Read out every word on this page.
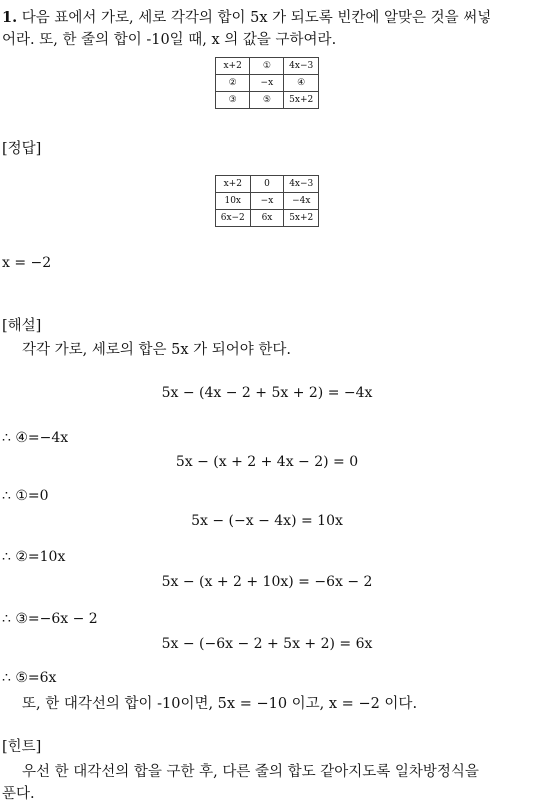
1. 다음 표에서 가로, 세로 각각의 합이 5x 가 되도록 빈칸에 알맞은 것을 써넣
어라. 또, 한 줄의 합이 -10일 때, x 의 값을 구하여라.
x+2	①	4x−3
②	−x	④
③	⑤	5x+2
[정답]
x+2	0	4x−3
10x	−x	−4x
6x−2	6x	5x+2
x = −2
[해설]
각각 가로, 세로의 합은 5x 가 되어야 한다.
5x − (4x − 2 + 5x + 2) = −4x
∴ ④=−4x
5x − (x + 2 + 4x − 2) = 0
∴ ①=0
5x − (−x − 4x) = 10x
∴ ②=10x
5x − (x + 2 + 10x) = −6x − 2
∴ ③=−6x − 2
5x − (−6x − 2 + 5x + 2) = 6x
∴ ⑤=6x
또, 한 대각선의 합이 -10이면, 5x = −10 이고, x = −2 이다.
[힌트]
우선 한 대각선의 합을 구한 후, 다른 줄의 합도 같아지도록 일차방정식을
푼다.
